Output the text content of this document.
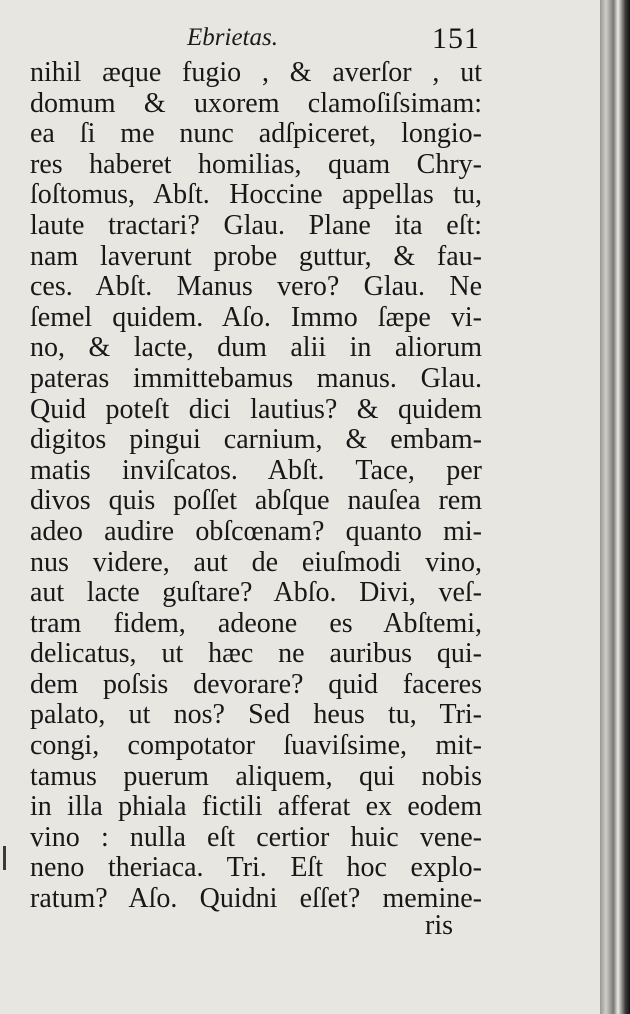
Ebrietas.	151
nihil æque fugio , & averſor , ut
domum & uxorem clamoſiſsimam:
ea ſi me nunc adſpiceret, longio-
res haberet homilias, quam Chry-
ſoſtomus, Abſt. Hoccine appellas tu,
laute tractari? Glau. Plane ita eſt:
nam laverunt probe guttur, & fau-
ces. Abſt. Manus vero? Glau. Ne
ſemel quidem. Aſo. Immo ſæpe vi-
no, & lacte, dum alii in aliorum
pateras immittebamus manus. Glau.
Quid poteſt dici lautius? & quidem
digitos pingui carnium, & embam-
matis inviſcatos. Abſt. Tace, per
divos quis poſſet abſque nauſea rem
adeo audire obſcœnam? quanto mi-
nus videre, aut de eiuſmodi vino,
aut lacte guſtare? Abſo. Divi, veſ-
tram fidem, adeone es Abſtemi,
delicatus, ut hæc ne auribus qui-
dem poſsis devorare? quid faceres
palato, ut nos? Sed heus tu, Tri-
congi, compotator ſuaviſsime, mit-
tamus puerum aliquem, qui nobis
in illa phiala fictili afferat ex eodem
vino : nulla eſt certior huic vene-
neno theriaca. Tri. Eſt hoc explo-
ratum? Aſo. Quidni eſſet? memine-
ris
